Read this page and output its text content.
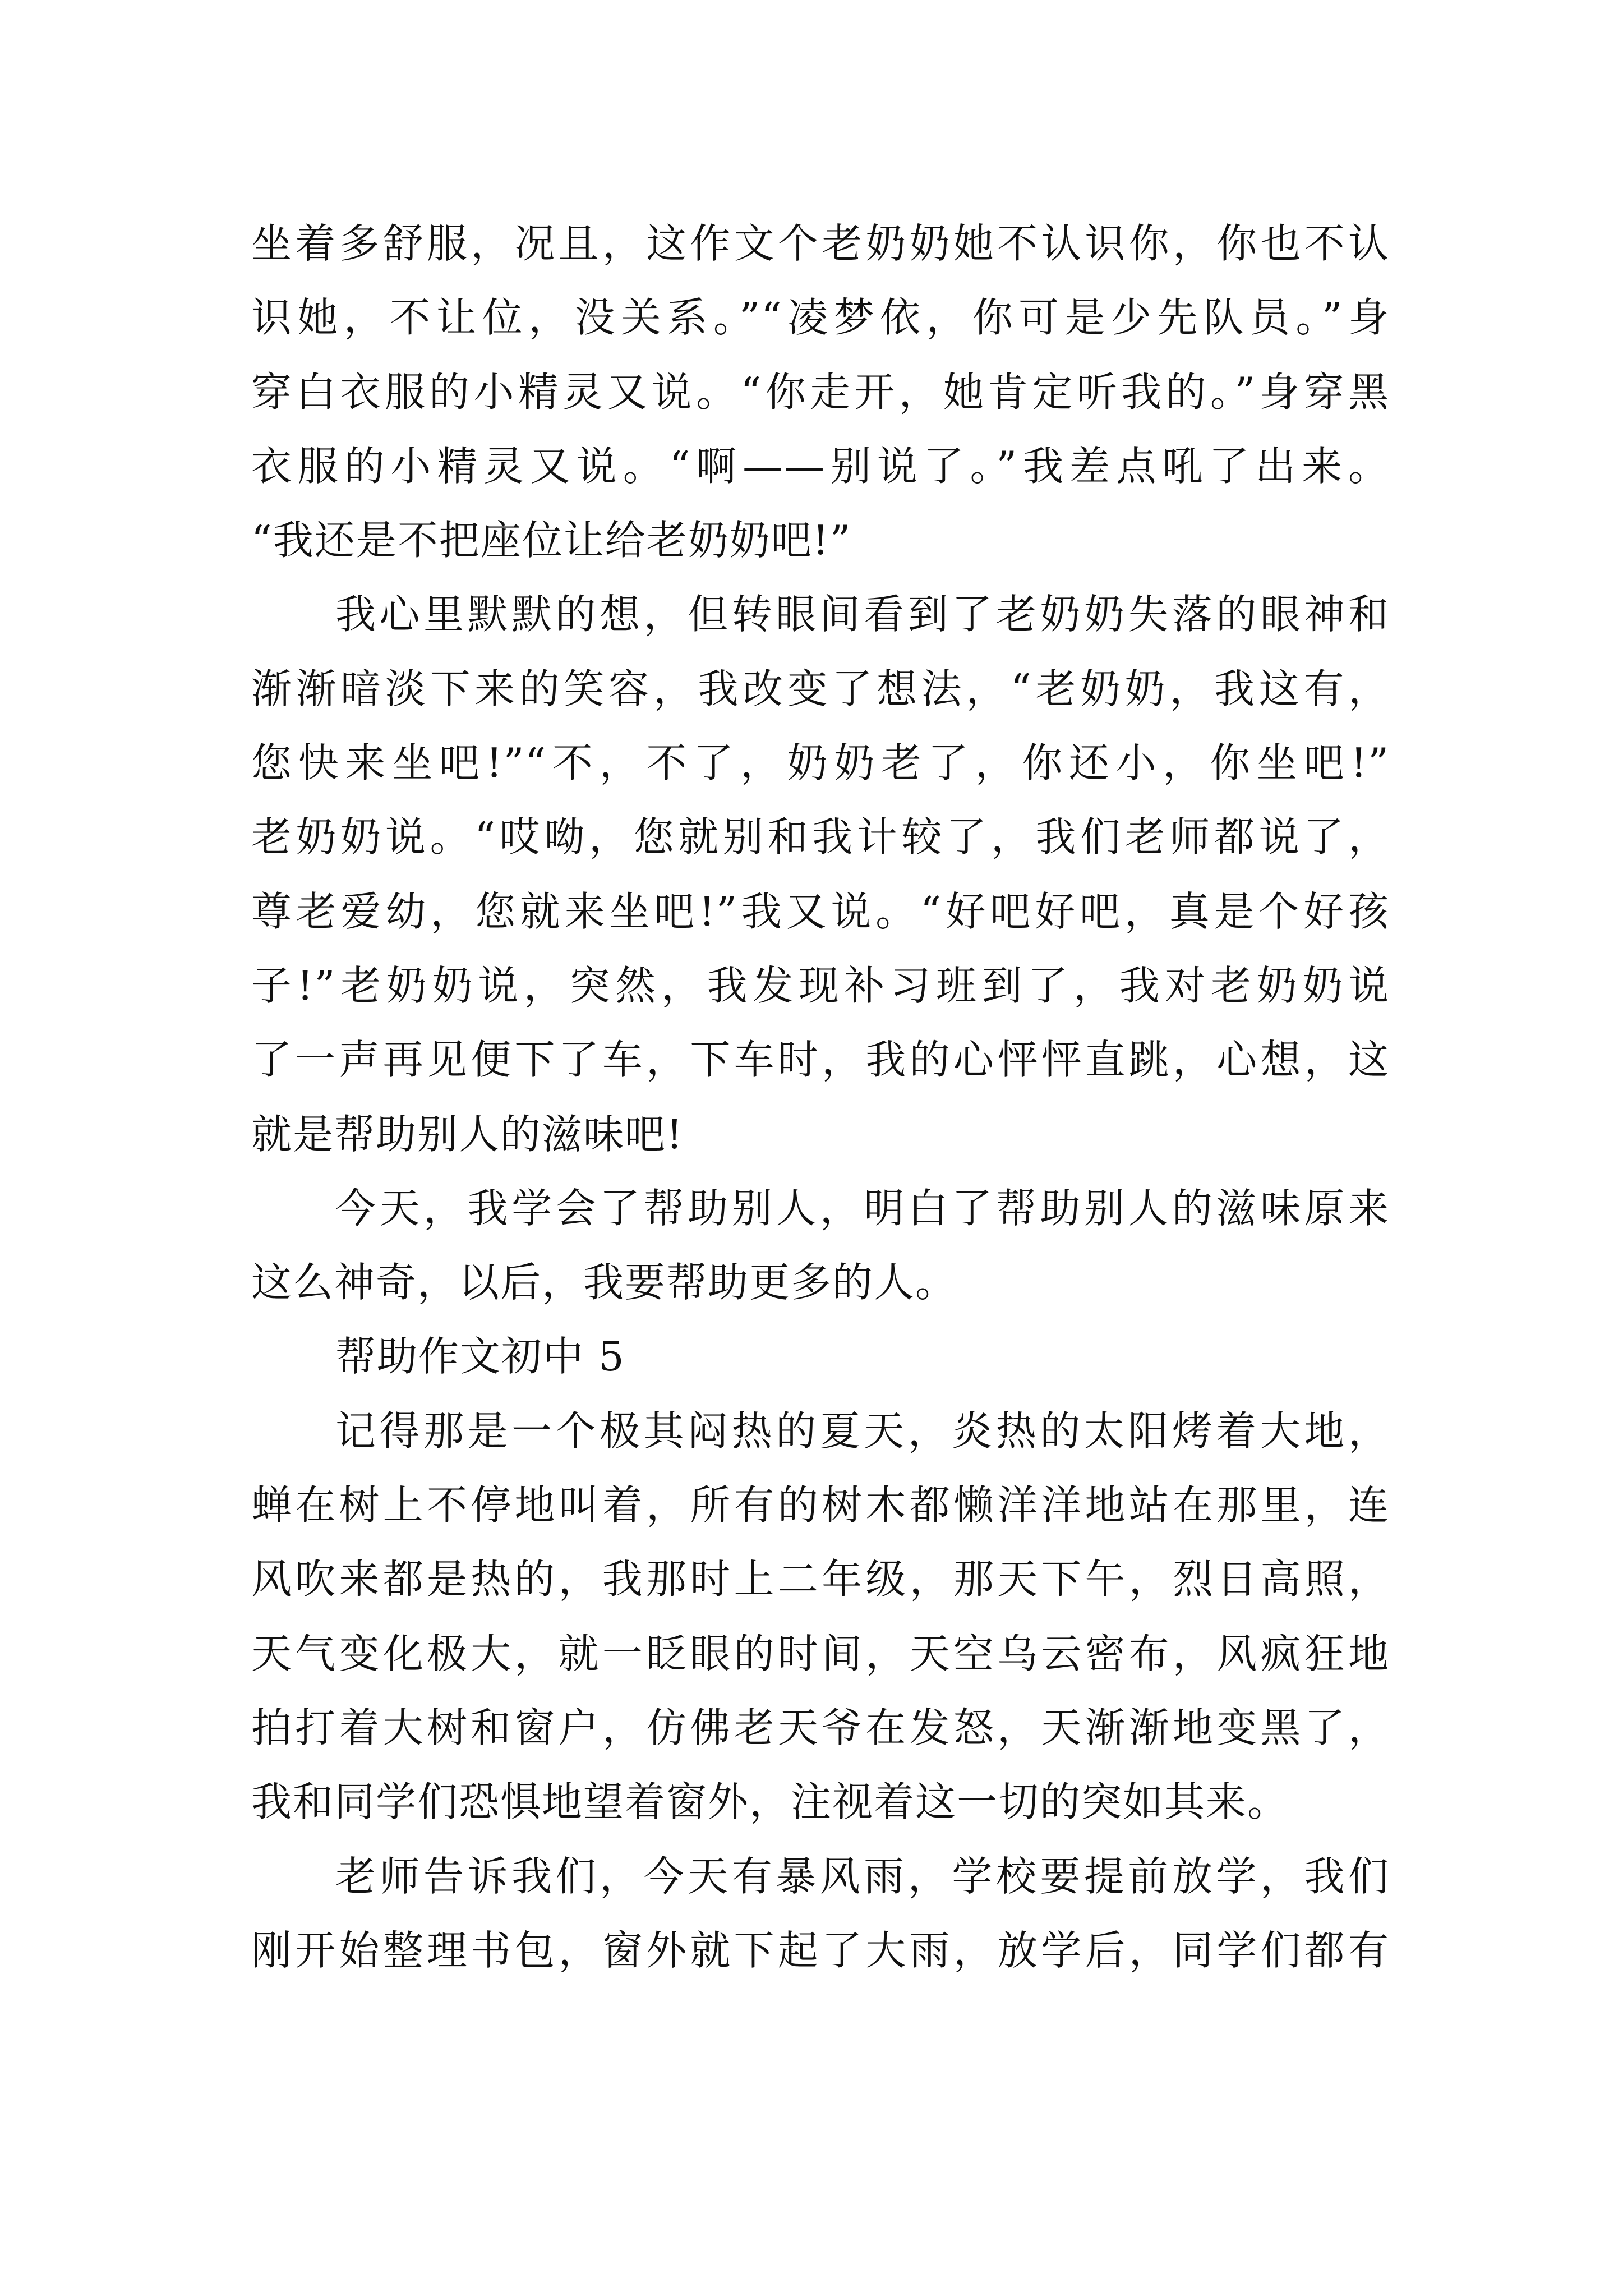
坐着多舒服，况且，这作文个老奶奶她不认识你，你也不认
识她，不让位，没关系。”“凌梦依，你可是少先队员。”身
穿白衣服的小精灵又说。“你走开，她肯定听我的。”身穿黑
衣服的小精灵又说。“啊——别说了。”我差点吼了出来。
“我还是不把座位让给老奶奶吧!”
我心里默默的想，但转眼间看到了老奶奶失落的眼神和
渐渐暗淡下来的笑容，我改变了想法，“老奶奶，我这有，
您快来坐吧!”“不，不了，奶奶老了，你还小，你坐吧!”
老奶奶说。“哎呦，您就别和我计较了，我们老师都说了，
尊老爱幼，您就来坐吧!”我又说。“好吧好吧，真是个好孩
子!”老奶奶说，突然，我发现补习班到了，我对老奶奶说
了一声再见便下了车，下车时，我的心怦怦直跳，心想，这
就是帮助别人的滋味吧!
今天，我学会了帮助别人，明白了帮助别人的滋味原来
这么神奇，以后，我要帮助更多的人。
帮助作文初中 5
记得那是一个极其闷热的夏天，炎热的太阳烤着大地，
蝉在树上不停地叫着，所有的树木都懒洋洋地站在那里，连
风吹来都是热的，我那时上二年级，那天下午，烈日高照，
天气变化极大，就一眨眼的时间，天空乌云密布，风疯狂地
拍打着大树和窗户，仿佛老天爷在发怒，天渐渐地变黑了，
我和同学们恐惧地望着窗外，注视着这一切的突如其来。
老师告诉我们，今天有暴风雨，学校要提前放学，我们
刚开始整理书包，窗外就下起了大雨，放学后，同学们都有
